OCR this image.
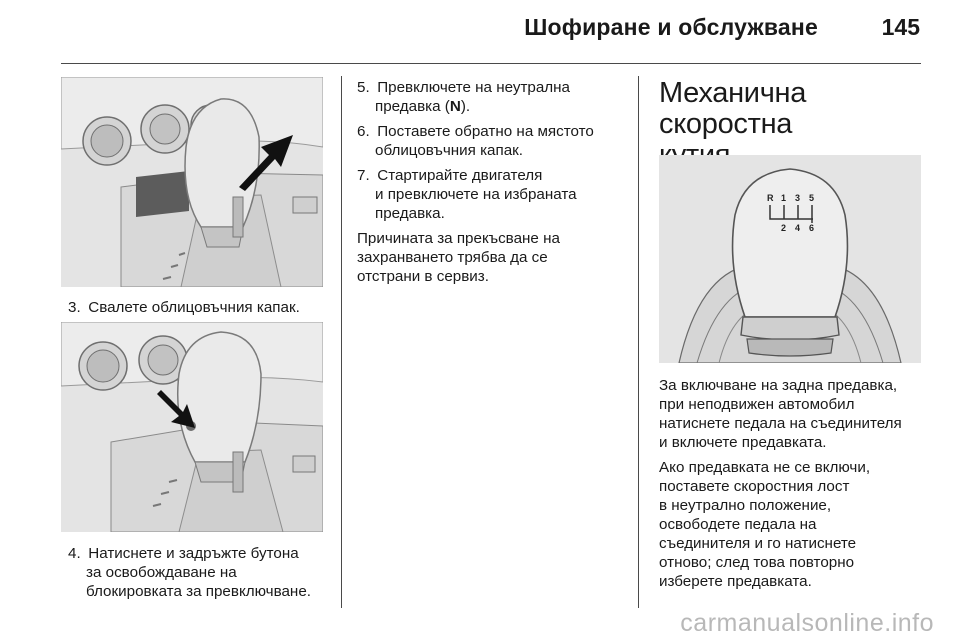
Шофиране и обслужване	145
3. Свалете облицовъчния капак.
4. Натиснете и задръжте бутона
за освобождаване на
блокировката за превключване.
5. Превключете на неутрална
предавка (N).
6. Поставете обратно на мястото
облицовъчния капак.
7. Стартирайте двигателя
и превключете на избраната
предавка.
Причината за прекъсване на
захранването трябва да се
отстрани в сервиз.
Механична скоростна
R 1 3 5
2 4 6
За включване на задна предавка,
при неподвижен автомобил
натиснете педала на съединителя
и включете предавката.
Ако предавката не се включи,
поставете скоростния лост
в неутрално положение,
освободете педала на
съединителя и го натиснете
отново; след това повторно
изберете предавката.
carmanualsonline.info
